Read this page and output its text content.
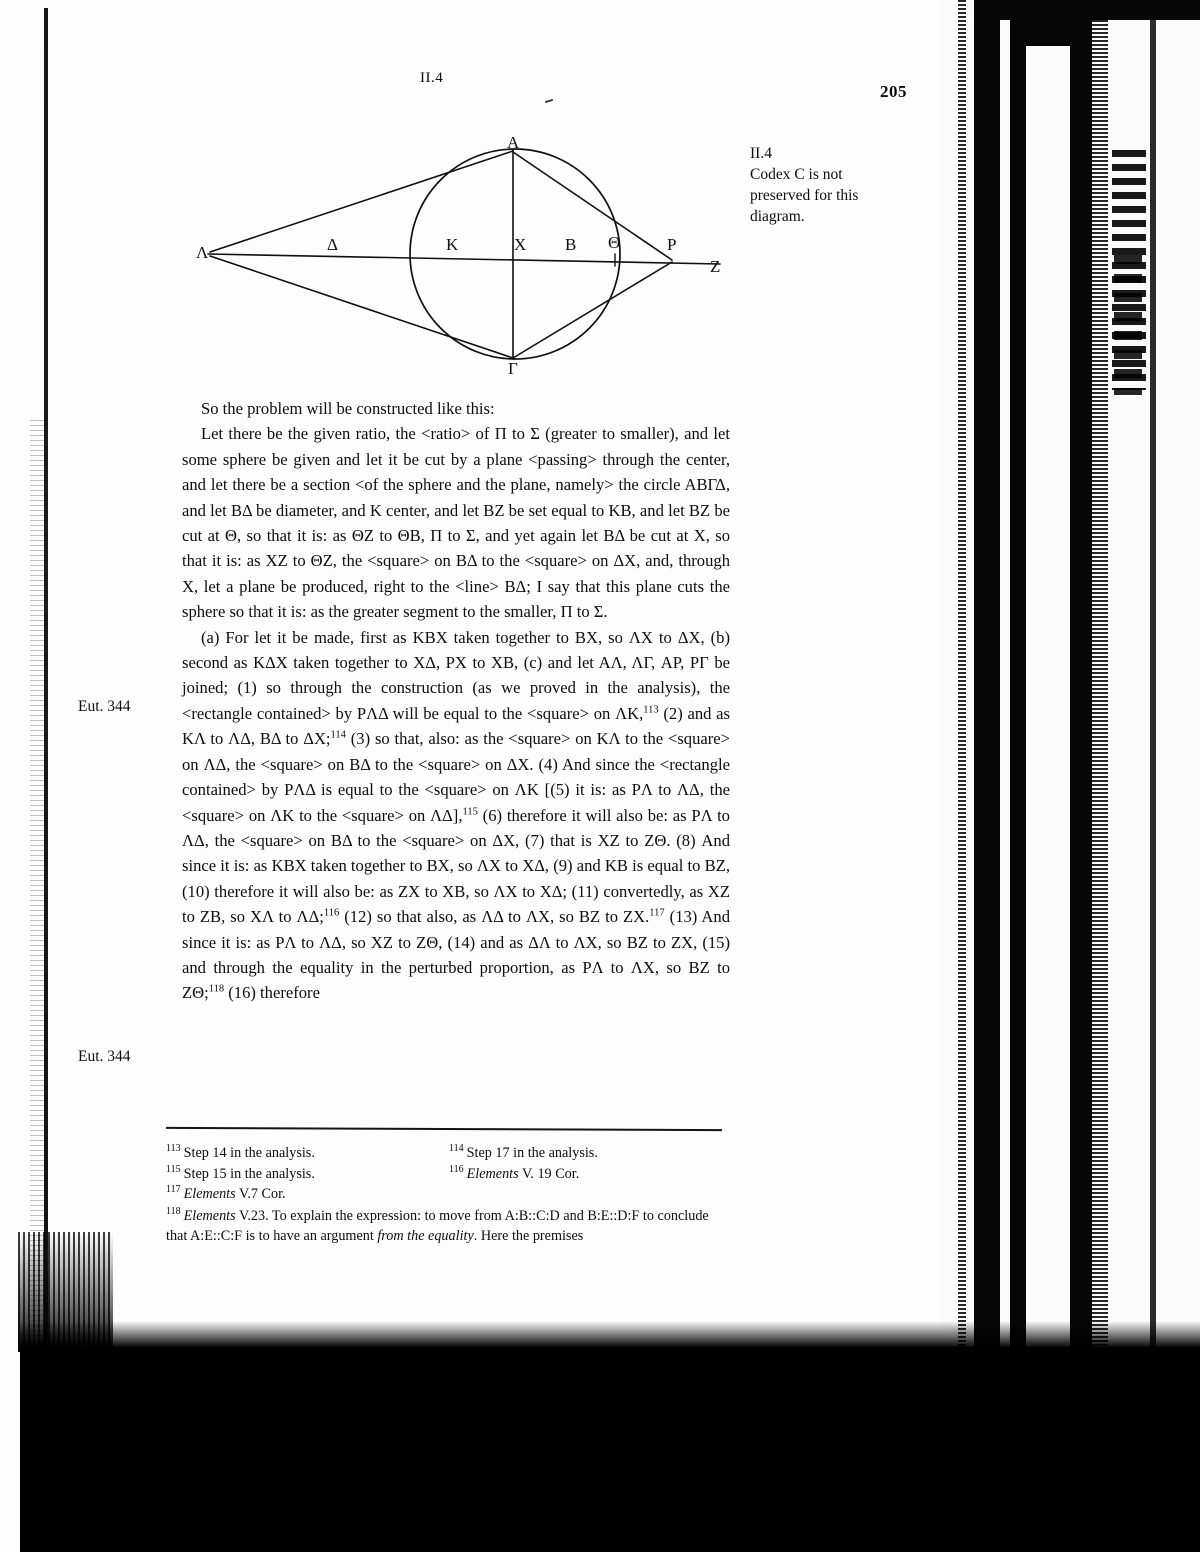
II.4
205
II.4
Codex C is not
preserved for this
diagram.
Eut. 344
Eut. 344
Λ	Δ	K	X B Θ	P
Z
A
Γ

So the problem will be constructed like this:

Let there be the given ratio, the <ratio> of Π to Σ (greater to smaller), and let some sphere be given and let it be cut by a plane <passing> through the center, and let there be a section <of the sphere and the plane, namely> the circle ABΓΔ, and let BΔ be diameter, and K center, and let BZ be set equal to KB, and let BZ be cut at Θ, so that it is: as ΘZ to ΘB, Π to Σ, and yet again let BΔ be cut at X, so that it is: as XZ to ΘZ, the <square> on BΔ to the <square> on ΔX, and, through X, let a plane be produced, right to the <line> BΔ; I say that this plane cuts the sphere so that it is: as the greater segment to the smaller, Π to Σ.

(a) For let it be made, first as KBX taken together to BX, so ΛX to ΔX, (b) second as KΔX taken together to XΔ, PX to XB, (c) and let AΛ, ΛΓ, AP, PΓ be joined; (1) so through the construction (as we proved in the analysis), the <rectangle contained> by PΛΔ will be equal to the <square> on ΛK,$^{113}$ (2) and as KΛ to ΛΔ, BΔ to ΔX;$^{114}$ (3) so that, also: as the <square> on KΛ to the <square> on ΛΔ, the <square> on BΔ to the <square> on ΔX. (4) And since the <rectangle contained> by PΛΔ is equal to the <square> on ΛK [(5) it is: as PΛ to ΛΔ, the <square> on ΛK to the <square> on ΛΔ],$^{115}$ (6) therefore it will also be: as PΛ to ΛΔ, the <square> on BΔ to the <square> on ΔX, (7) that is XZ to ZΘ. (8) And since it is: as KBX taken together to BX, so ΛX to XΔ, (9) and KB is equal to BZ, (10) therefore it will also be: as ZX to XB, so ΛX to XΔ; (11) convertedly, as XZ to ZB, so XΛ to ΛΔ;$^{116}$ (12) so that also, as ΛΔ to ΛX, so BZ to ZX.$^{117}$ (13) And since it is: as PΛ to ΛΔ, so XZ to ZΘ, (14) and as ΔΛ to ΛX, so BZ to ZX, (15) and through the equality in the perturbed proportion, as PΛ to ΛX, so BZ to ZΘ;$^{118}$ (16) therefore

$^{113}$ Step 14 in the analysis.	$^{114}$ Step 17 in the analysis.
$^{115}$ Step 15 in the analysis.	$^{116}$ Elements V. 19 Cor.
$^{117}$ Elements V.7 Cor.
$^{118}$ Elements V.23. To explain the expression: to move from A:B::C:D and B:E::D:F to conclude that A:E::C:F is to have an argument from the equality. Here the premises
